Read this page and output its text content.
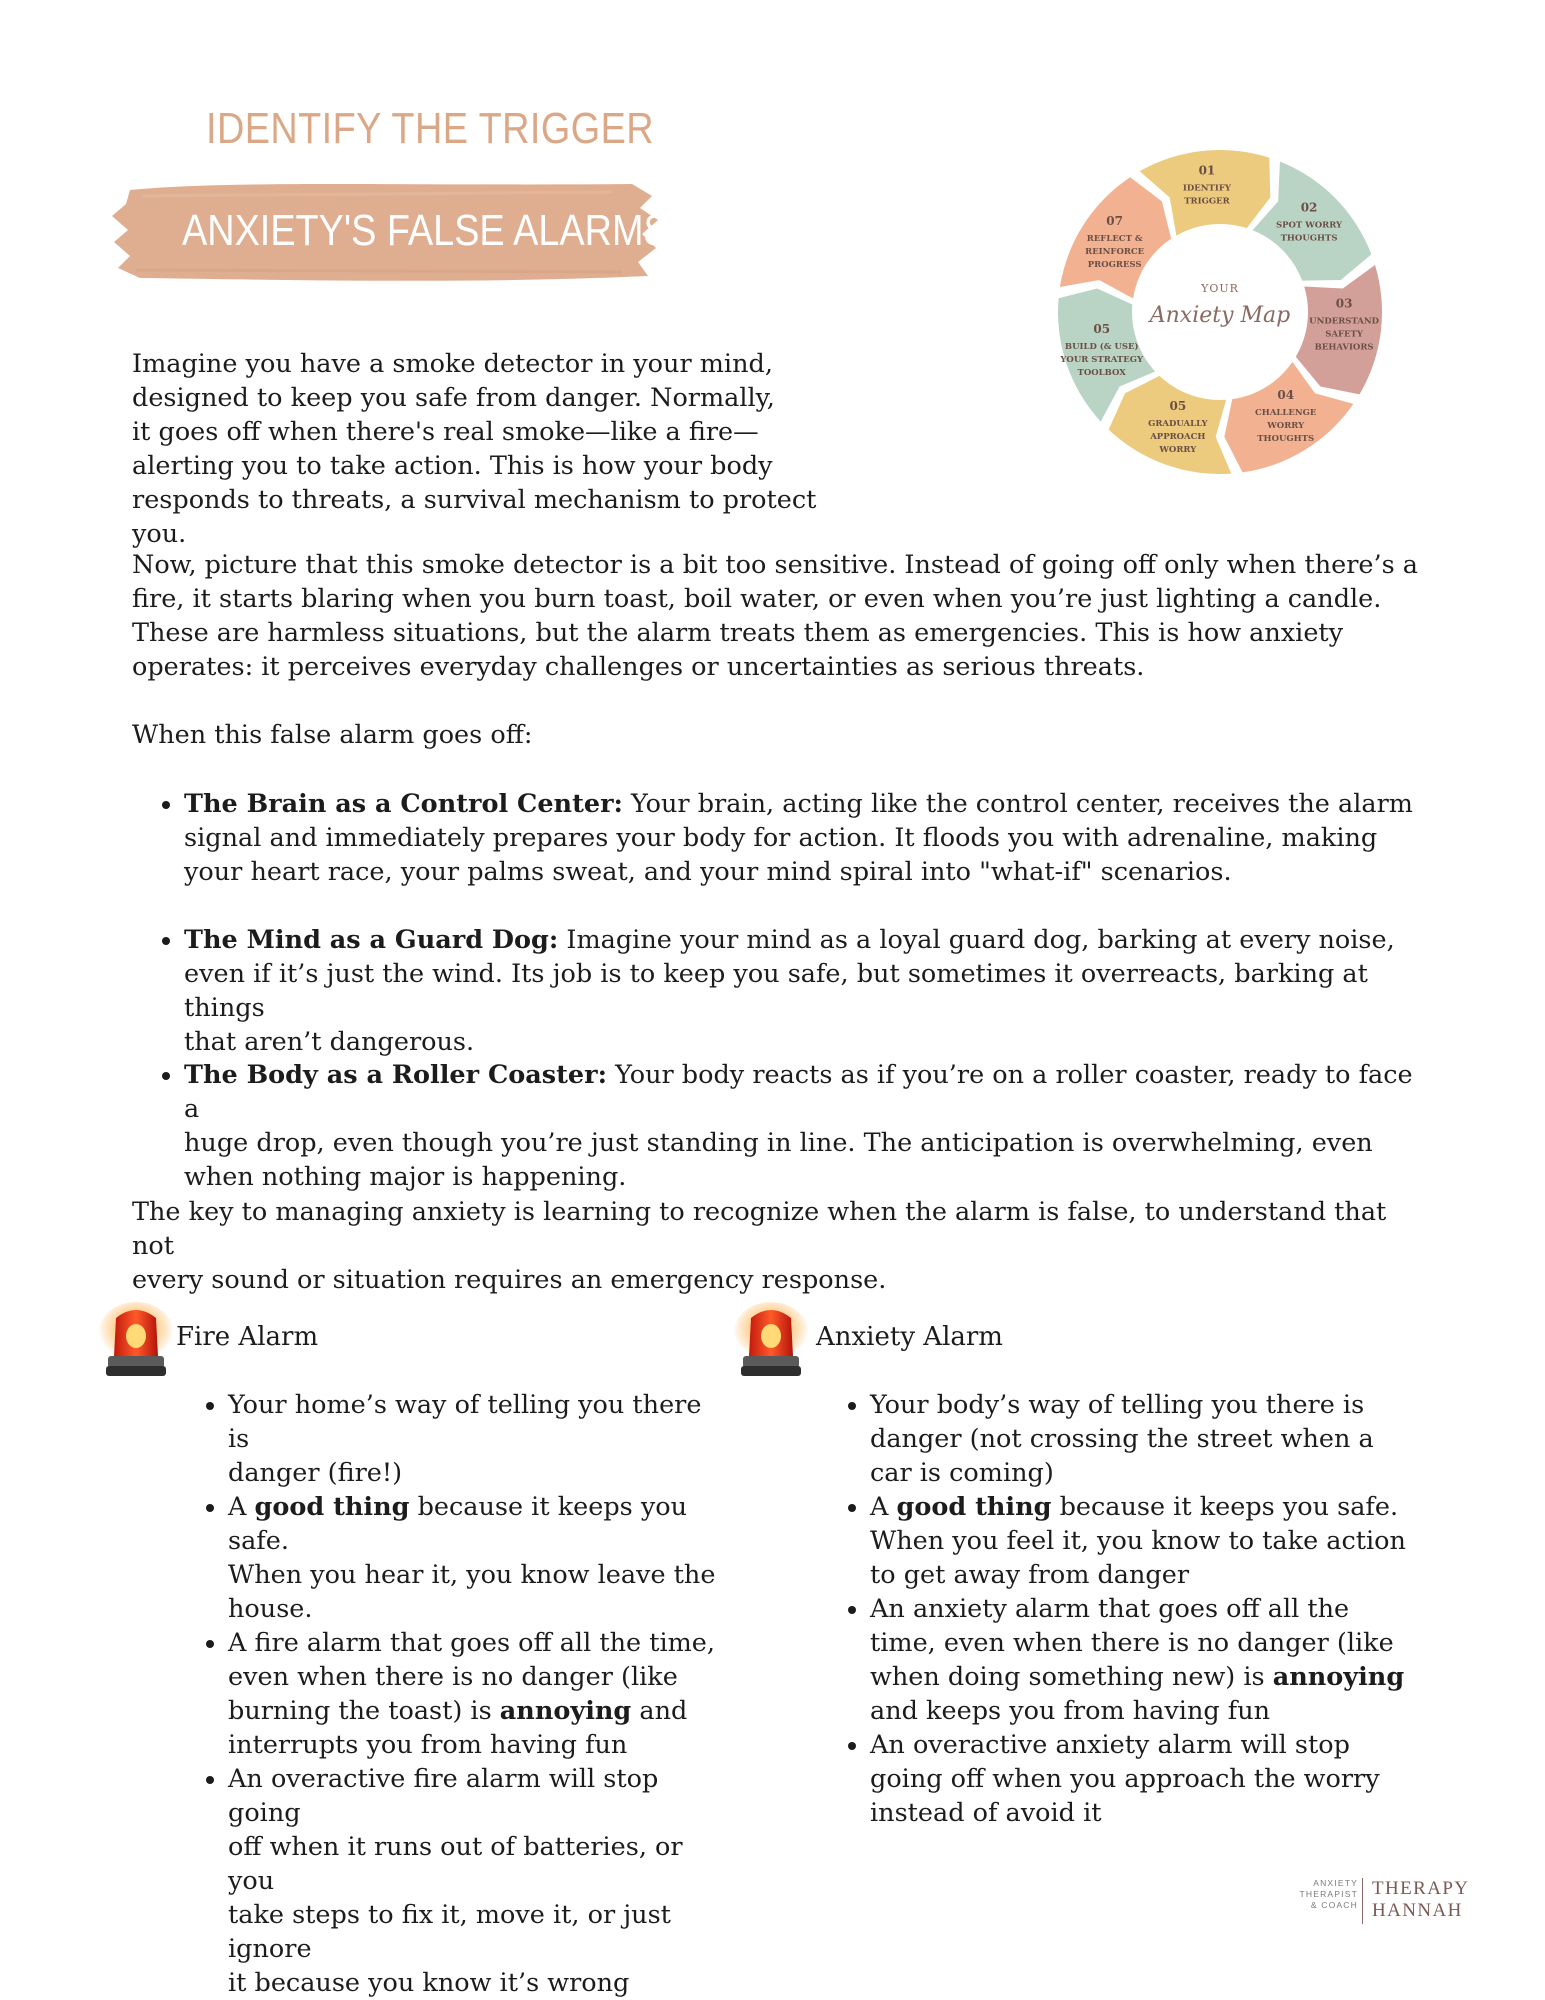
IDENTIFY THE TRIGGER
ANXIETY'S FALSE ALARMS
01
IDENTIFY
TRIGGER	02
SPOT WORRY
THOUGHTS
03
UNDERSTAND
SAFETY
BEHAVIORS
04
CHALLENGE
WORRY
THOUGHTS
05
GRADUALLY
APPROACH
WORRY
05
BUILD (& USE)
YOUR STRATEGY
TOOLBOX
07
REFLECT &
REINFORCE
PROGRESS
YOUR
Anxiety Map

Imagine you have a smoke detector in your mind,
designed to keep you safe from danger. Normally,
it goes off when there's real smoke—like a fire—
alerting you to take action. This is how your body
responds to threats, a survival mechanism to protect you.

Now, picture that this smoke detector is a bit too sensitive. Instead of going off only when there’s a
fire, it starts blaring when you burn toast, boil water, or even when you’re just lighting a candle.
These are harmless situations, but the alarm treats them as emergencies. This is how anxiety
operates: it perceives everyday challenges or uncertainties as serious threats.

When this false alarm goes off:

• The Brain as a Control Center: Your brain, acting like the control center, receives the alarm
signal and immediately prepares your body for action. It floods you with adrenaline, making
your heart race, your palms sweat, and your mind spiral into "what-if" scenarios.
• The Mind as a Guard Dog: Imagine your mind as a loyal guard dog, barking at every noise,
even if it’s just the wind. Its job is to keep you safe, but sometimes it overreacts, barking at things
that aren’t dangerous.
• The Body as a Roller Coaster: Your body reacts as if you’re on a roller coaster, ready to face a
huge drop, even though you’re just standing in line. The anticipation is overwhelming, even
when nothing major is happening.

The key to managing anxiety is learning to recognize when the alarm is false, to understand that not
every sound or situation requires an emergency response.

Fire Alarm
• Your home’s way of telling you there is
danger (fire!)
• A good thing because it keeps you safe.
When you hear it, you know leave the
house.
• A fire alarm that goes off all the time,
even when there is no danger (like
burning the toast) is annoying and
interrupts you from having fun
• An overactive fire alarm will stop going
off when it runs out of batteries, or you
take steps to fix it, move it, or just ignore
it because you know it’s wrong
Anxiety Alarm
• Your body’s way of telling you there is
danger (not crossing the street when a
car is coming)
• A good thing because it keeps you safe.
When you feel it, you know to take action
to get away from danger
• An anxiety alarm that goes off all the
time, even when there is no danger (like
when doing something new) is annoying
and keeps you from having fun
• An overactive anxiety alarm will stop
going off when you approach the worry
instead of avoid it

ANXIETY
THERAPIST
& COACH

THERAPY
HANNAH
